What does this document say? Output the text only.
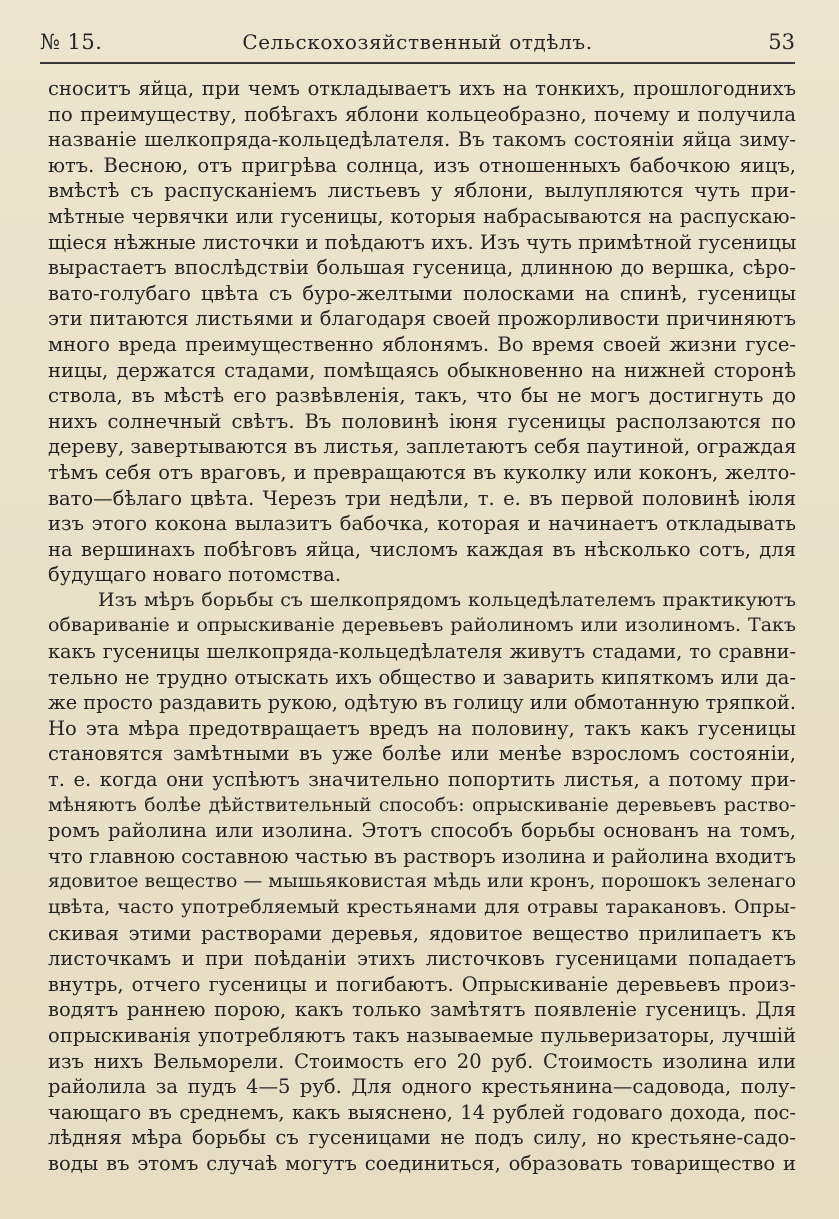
№ 15.	Сельскохозяйственный отдѣлъ.	53
сноситъ яйца, при чемъ откладываетъ ихъ на тонкихъ, прошлогоднихъ
по преимуществу, побѣгахъ яблони кольцеобразно, почему и получила
названіе шелкопряда-кольцедѣлателя. Въ такомъ состояніи яйца зиму-
ютъ. Весною, отъ пригрѣва солнца, изъ отношенныхъ бабочкою яицъ,
вмѣстѣ съ распусканіемъ листьевъ у яблони, вылупляются чуть при-
мѣтные червячки или гусеницы, которыя набрасываются на распускаю-
щіеся нѣжные листочки и поѣдаютъ ихъ. Изъ чуть примѣтной гусеницы
вырастаетъ впослѣдствіи большая гусеница, длинною до вершка, сѣро-
вато-голубаго цвѣта съ буро-желтыми полосками на спинѣ, гусеницы
эти питаются листьями и благодаря своей прожорливости причиняютъ
много вреда преимущественно яблонямъ. Во время своей жизни гусе-
ницы, держатся стадами, помѣщаясь обыкновенно на нижней сторонѣ
ствола, въ мѣстѣ его развѣвленія, такъ, что бы не могъ достигнуть до
нихъ солнечный свѣтъ. Въ половинѣ іюня гусеницы расползаются по
дереву, завертываются въ листья, заплетаютъ себя паутиной, ограждая
тѣмъ себя отъ враговъ, и превращаются въ куколку или коконъ, желто-
вато—бѣлаго цвѣта. Черезъ три недѣли, т. е. въ первой половинѣ іюля
изъ этого кокона вылазитъ бабочка, которая и начинаетъ откладывать
на вершинахъ побѣговъ яйца, числомъ каждая въ нѣсколько сотъ, для
будущаго новаго потомства.
Изъ мѣръ борьбы съ шелкопрядомъ кольцедѣлателемъ практикуютъ
обвариваніе и опрыскиваніе деревьевъ райолиномъ или изолиномъ. Такъ
какъ гусеницы шелкопряда-кольцедѣлателя живутъ стадами, то сравни-
тельно не трудно отыскать ихъ общество и заварить кипяткомъ или да-
же просто раздавить рукою, одѣтую въ голицу или обмотанную тряпкой.
Но эта мѣра предотвращаетъ вредъ на половину, такъ какъ гусеницы
становятся замѣтными въ уже болѣе или менѣе взросломъ состояніи,
т. е. когда они успѣютъ значительно попортить листья, а потому при-
мѣняютъ болѣе дѣйствительный способъ: опрыскиваніе деревьевъ раство-
ромъ райолина или изолина. Этотъ способъ борьбы основанъ на томъ,
что главною составною частью въ растворъ изолина и райолина входитъ
ядовитое вещество — мышьяковистая мѣдь или кронъ, порошокъ зеленаго
цвѣта, часто употребляемый крестьянами для отравы таракановъ. Опры-
скивая этими растворами деревья, ядовитое вещество прилипаетъ къ
листочкамъ и при поѣданіи этихъ листочковъ гусеницами попадаетъ
внутрь, отчего гусеницы и погибаютъ. Опрыскиваніе деревьевъ произ-
водятъ раннею порою, какъ только замѣтятъ появленіе гусеницъ. Для
опрыскиванія употребляютъ такъ называемые пульверизаторы, лучшій
изъ нихъ Вельморели. Стоимость его 20 руб. Стоимость изолина или
райолила за пудъ 4—5 руб. Для одного крестьянина—садовода, полу-
чающаго въ среднемъ, какъ выяснено, 14 рублей годоваго дохода, пос-
лѣдняя мѣра борьбы съ гусеницами не подъ силу, но крестьяне-садо-
воды въ этомъ случаѣ могутъ соединиться, образовать товарищество и
